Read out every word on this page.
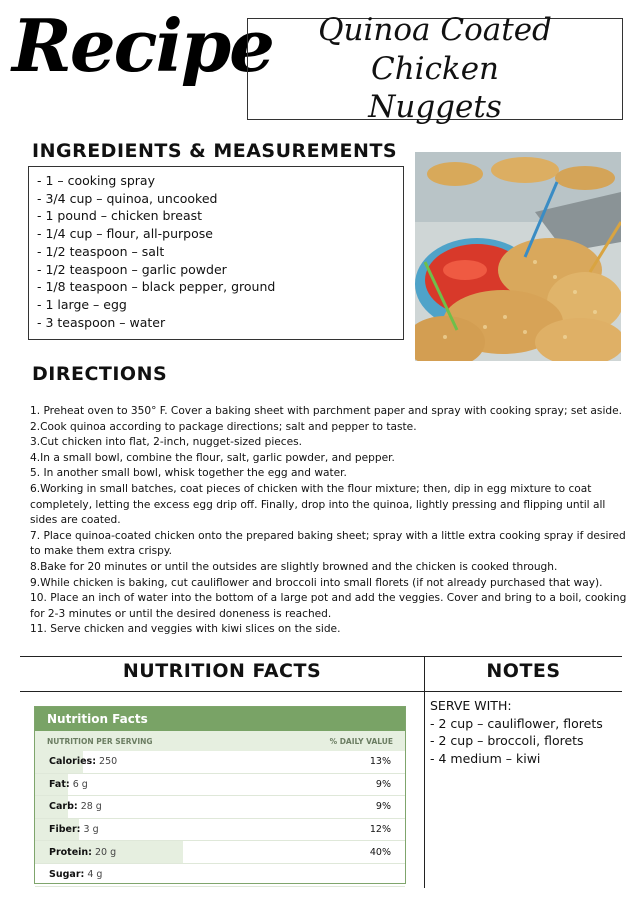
Recipe	Quinoa Coated Chicken
Nuggets
INGREDIENTS & MEASUREMENTS
- 1 – cooking spray
- 3/4 cup – quinoa, uncooked
- 1 pound – chicken breast
- 1/4 cup – flour, all-purpose
- 1/2 teaspoon – salt
- 1/2 teaspoon – garlic powder
- 1/8 teaspoon – black pepper, ground
- 1 large – egg
- 3 teaspoon – water
DIRECTIONS

1. Preheat oven to 350° F. Cover a baking sheet with parchment paper and spray with cooking spray; set aside.

2.Cook quinoa according to package directions; salt and pepper to taste.

3.Cut chicken into flat, 2-inch, nugget-sized pieces.

4.In a small bowl, combine the flour, salt, garlic powder, and pepper.

5. In another small bowl, whisk together the egg and water.

6.Working in small batches, coat pieces of chicken with the flour mixture; then, dip in egg mixture to coat completely, letting the excess egg drip off. Finally, drop into the quinoa, lightly pressing and flipping until all sides are coated.

7. Place quinoa-coated chicken onto the prepared baking sheet; spray with a little extra cooking spray if desired to make them extra crispy.

8.Bake for 20 minutes or until the outsides are slightly browned and the chicken is cooked through.

9.While chicken is baking, cut cauliflower and broccoli into small florets (if not already purchased that way).

10. Place an inch of water into the bottom of a large pot and add the veggies. Cover and bring to a boil, cooking for 2-3 minutes or until the desired doneness is reached.

11. Serve chicken and veggies with kiwi slices on the side.

NUTRITION FACTS	NOTES
Nutrition Facts
NUTRITION PER SERVING	% DAILY VALUE
Calories: 250	13%
Fat: 6 g	9%
Carb: 28 g	9%
Fiber: 3 g	12%
Protein: 20 g	40%
Sugar: 4 g
SERVE WITH:
- 2 cup – cauliflower, florets
- 2 cup – broccoli, florets
- 4 medium – kiwi
